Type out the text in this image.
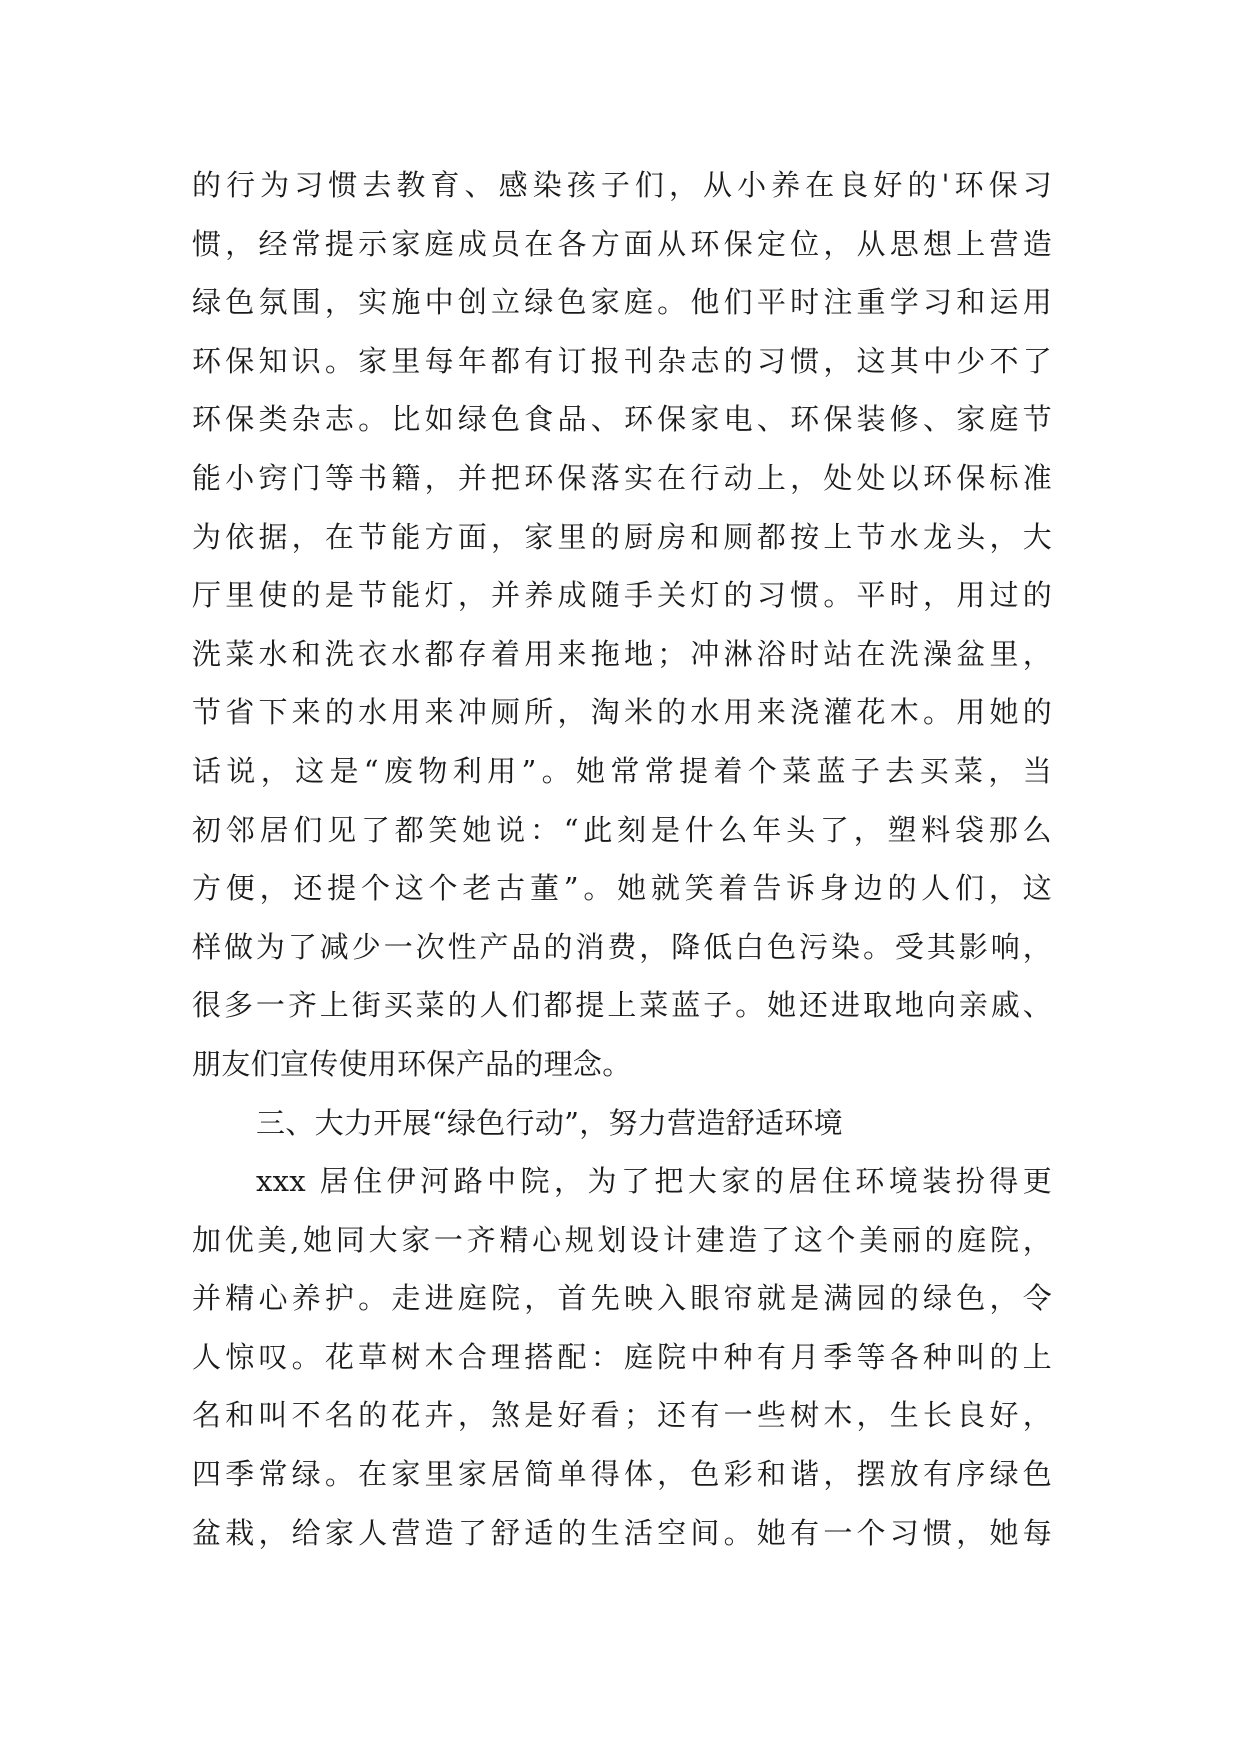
的行为习惯去教育、感染孩子们，从小养在良好的'环保习
惯，经常提示家庭成员在各方面从环保定位，从思想上营造
绿色氛围，实施中创立绿色家庭。他们平时注重学习和运用
环保知识。家里每年都有订报刊杂志的习惯，这其中少不了
环保类杂志。比如绿色食品、环保家电、环保装修、家庭节
能小窍门等书籍，并把环保落实在行动上，处处以环保标准
为依据，在节能方面，家里的厨房和厕都按上节水龙头，大
厅里使的是节能灯，并养成随手关灯的习惯。平时，用过的
洗菜水和洗衣水都存着用来拖地；冲淋浴时站在洗澡盆里，
节省下来的水用来冲厕所，淘米的水用来浇灌花木。用她的
话说，这是“废物利用”。她常常提着个菜蓝子去买菜，当
初邻居们见了都笑她说：“此刻是什么年头了，塑料袋那么
方便，还提个这个老古董”。她就笑着告诉身边的人们，这
样做为了减少一次性产品的消费，降低白色污染。受其影响，
很多一齐上街买菜的人们都提上菜蓝子。她还进取地向亲戚、
朋友们宣传使用环保产品的理念。
三、大力开展“绿色行动”，努力营造舒适环境
xxx 居住伊河路中院，为了把大家的居住环境装扮得更
加优美,她同大家一齐精心规划设计建造了这个美丽的庭院，
并精心养护。走进庭院，首先映入眼帘就是满园的绿色，令
人惊叹。花草树木合理搭配：庭院中种有月季等各种叫的上
名和叫不名的花卉，煞是好看；还有一些树木，生长良好，
四季常绿。在家里家居简单得体，色彩和谐，摆放有序绿色
盆栽，给家人营造了舒适的生活空间。她有一个习惯，她每
